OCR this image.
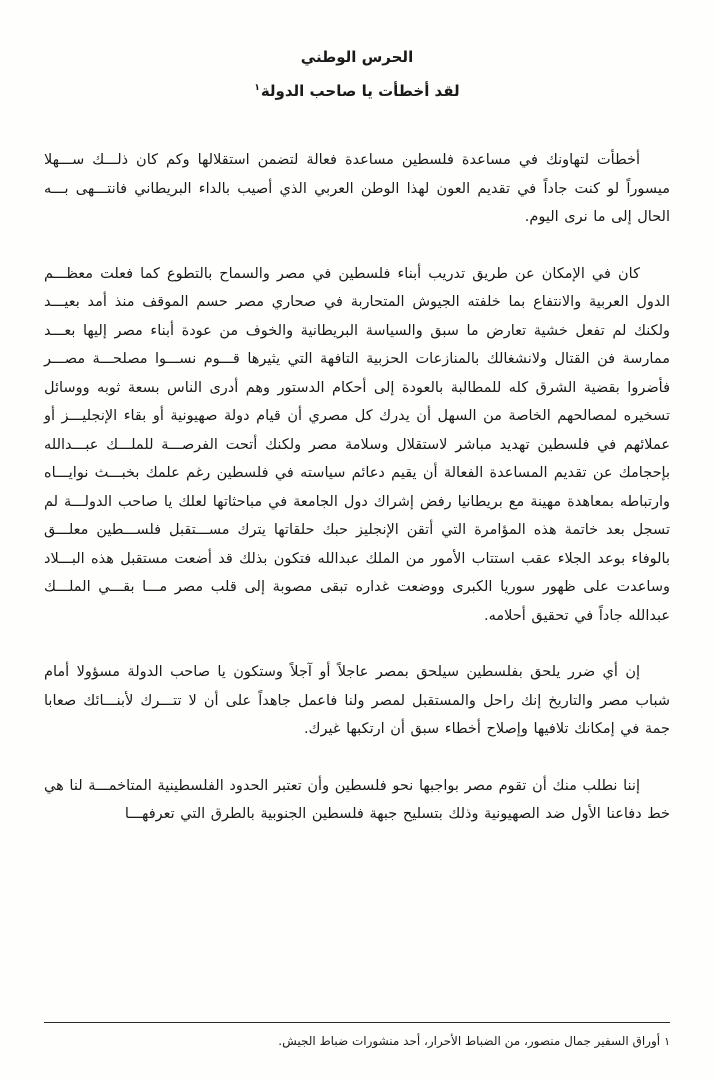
الحرس الوطني
لقد أخطأت يا صاحب الدولة$^١$

أخطأت لتهاونك في مساعدة فلسطين مساعدة فعالة لتضمن استقلالها وكم كان ذلـــك ســـهلا ميسوراً لو كنت جاداً في تقديم العون لهذا الوطن العربي الذي أصيب بالداء البريطاني فانتـــهى بـــه الحال إلى ما نرى اليوم.

كان في الإمكان عن طريق تدريب أبناء فلسطين في مصر والسماح بالتطوع كما فعلت معظـــم الدول العربية والانتفاع بما خلفته الجيوش المتحاربة في صحاري مصر حسم الموقف منذ أمد بعيـــد ولكنك لم تفعل خشية تعارض ما سبق والسياسة البريطانية والخوف من عودة أبناء مصر إليها بعـــد ممارسة فن القتال ولانشغالك بالمنازعات الحزبية التافهة التي يثيرها قـــوم نســـوا مصلحـــة مصـــر فأضروا بقضية الشرق كله للمطالبة بالعودة إلى أحكام الدستور وهم أدرى الناس بسعة ثوبه ووسائل تسخيره لمصالحهم الخاصة من السهل أن يدرك كل مصري أن قيام دولة صهيونية أو بقاء الإنجليـــز أو عملائهم في فلسطين تهديد مباشر لاستقلال وسلامة مصر ولكنك أتحت الفرصـــة للملـــك عبـــدالله بإحجامك عن تقديم المساعدة الفعالة أن يقيم دعائم سياسته في فلسطين رغم علمك بخبـــث نوايـــاه وارتباطه بمعاهدة مهينة مع بريطانيا رفض إشراك دول الجامعة في مباحثاتها لعلك يا صاحب الدولـــة لم تسجل بعد خاتمة هذه المؤامرة التي أتقن الإنجليز حبك حلقاتها يترك مســـتقبل فلســـطين معلـــق بالوفاء بوعد الجلاء عقب استتاب الأمور من الملك عبدالله فتكون بذلك قد أضعت مستقبل هذه البـــلاد وساعدت على ظهور سوريا الكبرى ووضعت غداره تبقى مصوبة إلى قلب مصر مـــا بقـــي الملـــك عبدالله جاداً في تحقيق أحلامه.

إن أي ضرر يلحق بفلسطين سيلحق بمصر عاجلاً أو آجلاً وستكون يا صاحب الدولة مسؤولا أمام شباب مصر والتاريخ إنك راحل والمستقبل لمصر ولنا فاعمل جاهداً على أن لا تتـــرك لأبنـــائك صعابا جمة في إمكانك تلافيها وإصلاح أخطاء سبق أن ارتكبها غيرك.

إننا نطلب منك أن تقوم مصر بواجبها نحو فلسطين وأن تعتبر الحدود الفلسطينية المتاخمـــة لنا هي خط دفاعنا الأول ضد الصهيونية وذلك بتسليح جبهة فلسطين الجنوبية بالطرق التي تعرفهـــا

١أوراق السفير جمال منصور، من الضباط الأحرار، أحد منشورات ضباط الجيش.
